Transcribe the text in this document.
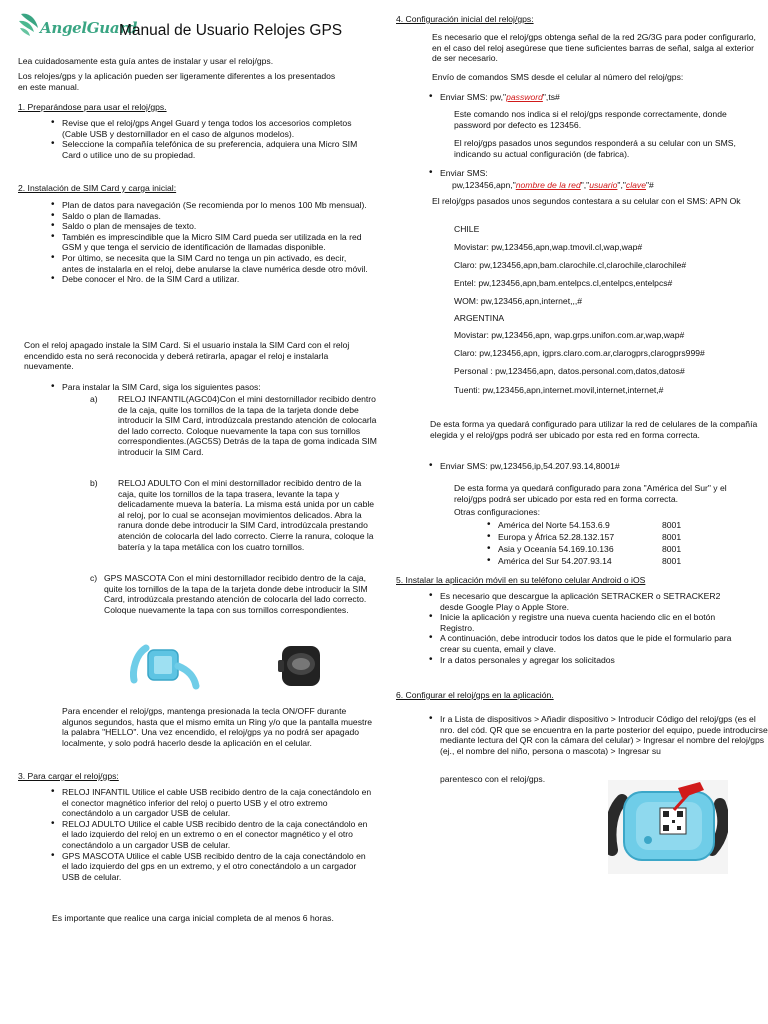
AngelGuard
Manual de Usuario Relojes GPS

Lea cuidadosamente esta guía antes de instalar y usar el reloj/gps.

Los relojes/gps y la aplicación pueden ser ligeramente diferentes a los presentados en este manual.

1. Preparándose para usar el reloj/gps.

• Revise que el reloj/gps Angel Guard y tenga todos los accesorios completos (Cable USB y destornillador en el caso de algunos modelos).
• Seleccione la compañía telefónica de su preferencia, adquiera una Micro SIM Card o utilice uno de su propiedad.

2. Instalación de SIM Card y carga inicial:

• Plan de datos para navegación (Se recomienda por lo menos 100 Mb mensual).
• Saldo o plan de llamadas.
• Saldo o plan de mensajes de texto.
• También es imprescindible que la Micro SIM Card pueda ser utilizada en la red GSM y que tenga el servicio de identificación de llamadas disponible.
• Por último, se necesita que la SIM Card no tenga un pin activado, es decir, antes de instalarla en el reloj, debe anularse la clave numérica desde otro móvil.
• Debe conocer el Nro. de la SIM Card a utilizar.

Con el reloj apagado instale la SIM Card. Si el usuario instala la SIM Card con el reloj encendido esta no será reconocida y deberá retirarla, apagar el reloj e instalarla nuevamente.

• Para instalar la SIM Card, siga los siguientes pasos:
a) RELOJ INFANTIL(AGC04)Con el mini destornillador recibido dentro de la caja, quite los tornillos de la tapa de la tarjeta donde debe introducir la SIM Card, introdúzcala prestando atención de colocarla del lado correcto. Coloque nuevamente la tapa con sus tornillos correspondientes.(AGC5S) Detrás de la tapa de goma indicada SIM introducir la SIM Card.

b) RELOJ ADULTO Con el mini destornillador recibido dentro de la caja, quite los tornillos de la tapa trasera, levante la tapa y delicadamente mueva la batería. La misma está unida por un cable al reloj, por lo cual se aconsejan movimientos delicados. Abra la ranura donde debe introducir la SIM Card, introdúzcala prestando atención de colocarla del lado correcto. Cierre la ranura, coloque la batería y la tapa metálica con los cuatro tornillos.

c) GPS MASCOTA Con el mini destornillador recibido dentro de la caja, quite los tornillos de la tapa de la tarjeta donde debe introducir la SIM Card, introdúzcala prestando atención de colocarla del lado correcto. Coloque nuevamente la tapa con sus tornillos correspondientes.

Para encender el reloj/gps, mantenga presionada la tecla ON/OFF durante algunos segundos, hasta que el mismo emita un Ring y/o que la pantalla muestre la palabra "HELLO". Una vez encendido, el reloj/gps ya no podrá ser apagado localmente, y solo podrá hacerlo desde la aplicación en el celular.

3. Para cargar el reloj/gps:

• RELOJ INFANTIL Utilice el cable USB recibido dentro de la caja conectándolo en el conector magnético inferior del reloj o puerto USB y el otro extremo conectándolo a un cargador USB de celular.
• RELOJ ADULTO Utilice el cable USB recibido dentro de la caja conectándolo en el lado izquierdo del reloj en un extremo o en el conector magnético y el otro conectándolo a un cargador USB de celular.
• GPS MASCOTA Utilice el cable USB recibido dentro de la caja conectándolo en el lado izquierdo del gps en un extremo, y el otro conectándolo a un cargador USB de celular.

Es importante que realice una carga inicial completa de al menos 6 horas.

4. Configuración inicial del reloj/gps:

Es necesario que el reloj/gps obtenga señal de la red 2G/3G para poder configurarlo, en el caso del reloj asegúrese que tiene suficientes barras de señal, salga al exterior de ser necesario.

Envío de comandos SMS desde el celular al número del reloj/gps:

• Enviar SMS: pw,"password",ts#

Este comando nos indica si el reloj/gps responde correctamente, donde password por defecto es 123456.

El reloj/gps pasados unos segundos responderá a su celular con un SMS, indicando su actual configuración (de fabrica).

• Enviar SMS:

pw,123456,apn,"nombre de la red","usuario","clave"#

El reloj/gps pasados unos segundos contestara a su celular con el SMS: APN Ok

CHILE

Movistar: pw,123456,apn,wap.tmovil.cl,wap,wap#

Claro: pw,123456,apn,bam.clarochile.cl,clarochile,clarochile#

Entel: pw,123456,apn,bam.entelpcs.cl,entelpcs,entelpcs#

WOM: pw,123456,apn,internet,,,#

ARGENTINA

Movistar: pw,123456,apn, wap.grps.unifon.com.ar,wap,wap#

Claro: pw,123456,apn, igprs.claro.com.ar,clarogprs,clarogprs999#

Personal : pw,123456,apn, datos.personal.com,datos,datos#

Tuenti: pw,123456,apn,internet.movil,internet,internet,#

De esta forma ya quedará configurado para utilizar la red de celulares de la compañía elegida y el reloj/gps podrá ser ubicado por esta red en forma correcta.

• Enviar SMS: pw,123456,ip,54.207.93.14,8001#

De esta forma ya quedará configurado para zona "América del Sur" y el reloj/gps podrá ser ubicado por esta red en forma correcta.

Otras configuraciones:

• América del Norte 54.153.6.9	8001
• Europa y África 52.28.132.157	8001
• Asia y Oceanía 54.169.10.136	8001
• América del Sur 54.207.93.14	8001

5. Instalar la aplicación móvil en su teléfono celular Android o iOS

• Es necesario que descargue la aplicación SETRACKER o SETRACKER2 desde Google Play o Apple Store.
• Inicie la aplicación y registre una nueva cuenta haciendo clic en el botón Registro.
• A continuación, debe introducir todos los datos que le pide el formulario para crear su cuenta, email y clave.
• Ir a datos personales y agregar los solicitados

6. Configurar el reloj/gps en la aplicación.

• Ir a Lista de dispositivos > Añadir dispositivo > Introducir Código del reloj/gps (es el nro. del cód. QR que se encuentra en la parte posterior del equipo, puede introducirse mediante lectura del QR con la cámara del celular) > Ingresar el nombre del reloj/gps (ej., el nombre del niño, persona o mascota) > Ingresar su

parentesco con el reloj/gps.
